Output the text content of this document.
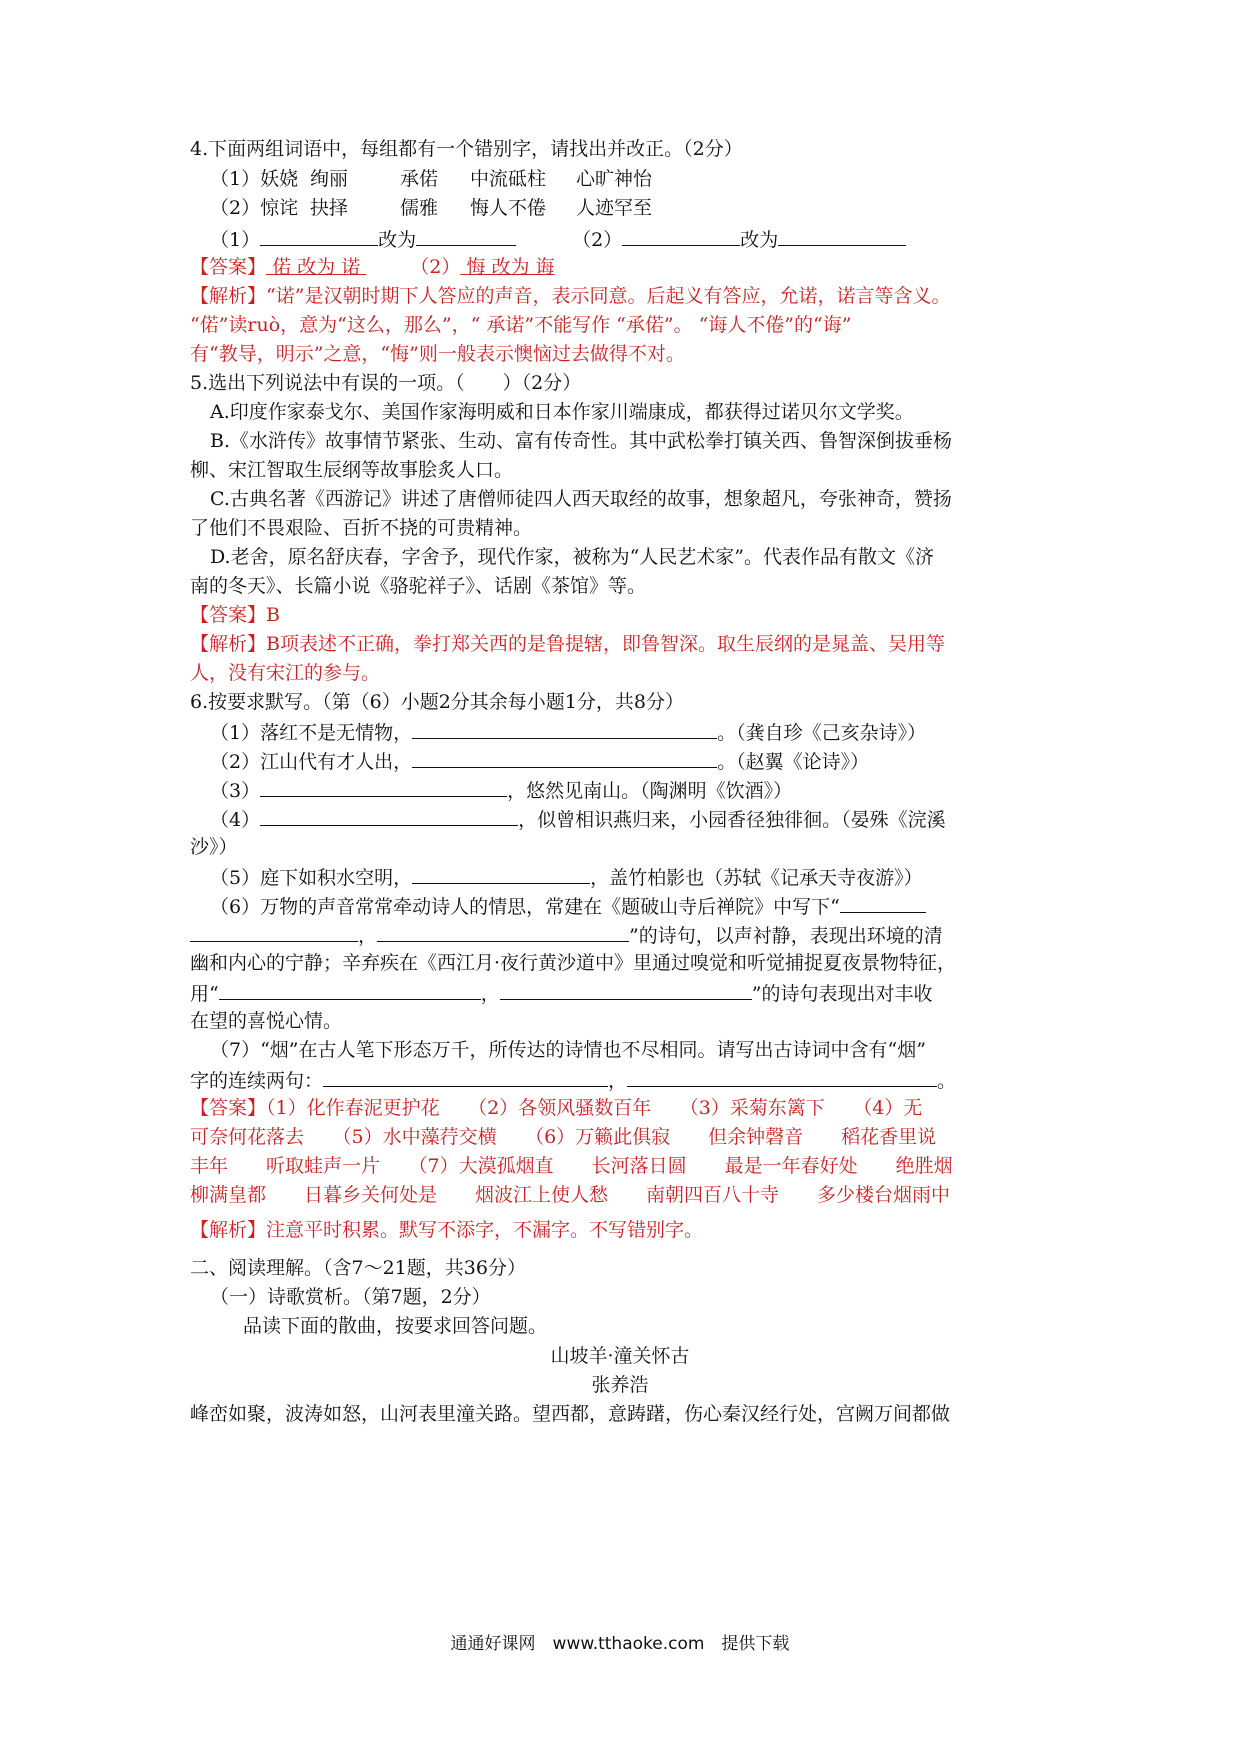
4.下面两组词语中，每组都有一个错别字，请找出并改正。（2分）
（1）妖娆 绚丽	承偌 中流砥柱 心旷神怡
（2）惊诧 抉择	儒雅 悔人不倦 人迹罕至
（1）	改为	（2）	改为
【答案】 偌 改为 诺	（2） 悔 改为 诲
【解析】“诺”是汉朝时期下人答应的声音，表示同意。后起义有答应，允诺，诺言等含义。
“偌”读ruò，意为“这么，那么”，“ 承诺”不能写作 “承偌”。 “诲人不倦”的“诲”
有“教导，明示”之意，“悔”则一般表示懊恼过去做得不对。
5.选出下列说法中有误的一项。（　　）（2分）
A.印度作家泰戈尔、美国作家海明威和日本作家川端康成，都获得过诺贝尔文学奖。
B.《水浒传》故事情节紧张、生动、富有传奇性。其中武松拳打镇关西、鲁智深倒拔垂杨
柳、宋江智取生辰纲等故事脍炙人口。
C.古典名著《西游记》讲述了唐僧师徒四人西天取经的故事，想象超凡，夸张神奇，赞扬
了他们不畏艰险、百折不挠的可贵精神。
D.老舍，原名舒庆春，字舍予，现代作家，被称为“人民艺术家”。代表作品有散文《济
南的冬天》、长篇小说《骆驼祥子》、话剧《茶馆》等。
【答案】B
【解析】B项表述不正确，拳打郑关西的是鲁提辖，即鲁智深。取生辰纲的是晁盖、吴用等
人，没有宋江的参与。
6.按要求默写。（第（6）小题2分其余每小题1分，共8分）
（1）落红不是无情物，	。（龚自珍《己亥杂诗》）
（2）江山代有才人出，	。（赵翼《论诗》）
（3）	，悠然见南山。（陶渊明《饮酒》）
（4）	，似曾相识燕归来，小园香径独徘徊。（晏殊《浣溪
沙》）
（5）庭下如积水空明，	，盖竹柏影也（苏轼《记承天寺夜游》）
（6）万物的声音常常牵动诗人的情思，常建在《题破山寺后禅院》中写下“
，	”的诗句，以声衬静，表现出环境的清
幽和内心的宁静；辛弃疾在《西江月·夜行黄沙道中》里通过嗅觉和听觉捕捉夏夜景物特征，
用“	，	”的诗句表现出对丰收
在望的喜悦心情。
（7）“烟”在古人笔下形态万千，所传达的诗情也不尽相同。请写出古诗词中含有“烟”
字的连续两句：	，	。
【答案】（1）化作春泥更护花　　（2）各领风骚数百年　　（3）采菊东篱下　　（4）无
可奈何花落去　　（5）水中藻荇交横　　（6）万籁此俱寂　　但余钟磬音　　稻花香里说
丰年　　听取蛙声一片　　（7）大漠孤烟直　　长河落日圆　　最是一年春好处　　绝胜烟
柳满皇都　　日暮乡关何处是　　烟波江上使人愁　　南朝四百八十寺　　多少楼台烟雨中
【解析】注意平时积累。默写不添字，不漏字。不写错别字。
二、阅读理解。（含7～21题，共36分）
（一）诗歌赏析。（第7题，2分）
品读下面的散曲，按要求回答问题。
山坡羊·潼关怀古
张养浩
峰峦如聚，波涛如怒，山河表里潼关路。望西都，意踌躇，伤心秦汉经行处，宫阙万间都做
通通好课网　www.tthaoke.com　提供下载
